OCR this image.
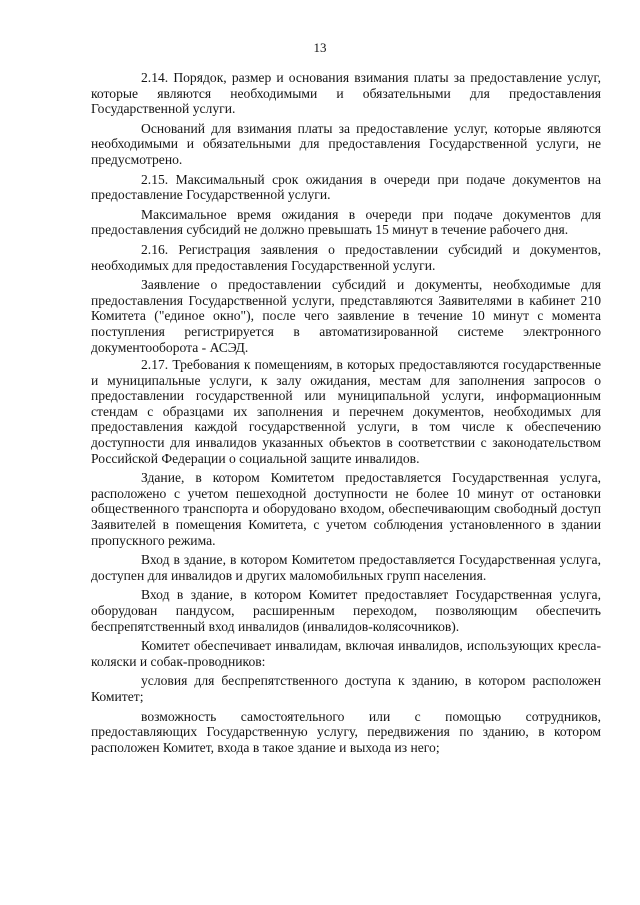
13

2.14. Порядок, размер и основания взимания платы за предоставление услуг, которые являются необходимыми и обязательными для предоставления Государственной услуги.

Оснований для взимания платы за предоставление услуг, которые являются необходимыми и обязательными для предоставления Государственной услуги, не предусмотрено.

2.15. Максимальный срок ожидания в очереди при подаче документов на предоставление Государственной услуги.

Максимальное время ожидания в очереди при подаче документов для предоставления субсидий не должно превышать 15 минут в течение рабочего дня.

2.16. Регистрация заявления о предоставлении субсидий и документов, необходимых для предоставления Государственной услуги.

Заявление о предоставлении субсидий и документы, необходимые для предоставления Государственной услуги, представляются Заявителями в кабинет 210 Комитета ("единое окно"), после чего заявление в течение 10 минут с момента поступления регистрируется в автоматизированной системе электронного документооборота - АСЭД.

2.17. Требования к помещениям, в которых предоставляются государственные и муниципальные услуги, к залу ожидания, местам для заполнения запросов о предоставлении государственной или муниципальной услуги, информационным стендам с образцами их заполнения и перечнем документов, необходимых для предоставления каждой государственной услуги, в том числе к обеспечению доступности для инвалидов указанных объектов в соответствии с законодательством Российской Федерации о социальной защите инвалидов.

Здание, в котором Комитетом предоставляется Государственная услуга, расположено с учетом пешеходной доступности не более 10 минут от остановки общественного транспорта и оборудовано входом, обеспечивающим свободный доступ Заявителей в помещения Комитета, с учетом соблюдения установленного в здании пропускного режима.

Вход в здание, в котором Комитетом предоставляется Государственная услуга, доступен для инвалидов и других маломобильных групп населения.

Вход в здание, в котором Комитет предоставляет Государственная услуга, оборудован пандусом, расширенным переходом, позволяющим обеспечить беспрепятственный вход инвалидов (инвалидов-колясочников).

Комитет обеспечивает инвалидам, включая инвалидов, использующих кресла-коляски и собак-проводников:

условия для беспрепятственного доступа к зданию, в котором расположен Комитет;

возможность самостоятельного или с помощью сотрудников, предоставляющих Государственную услугу, передвижения по зданию, в котором расположен Комитет, входа в такое здание и выхода из него;
